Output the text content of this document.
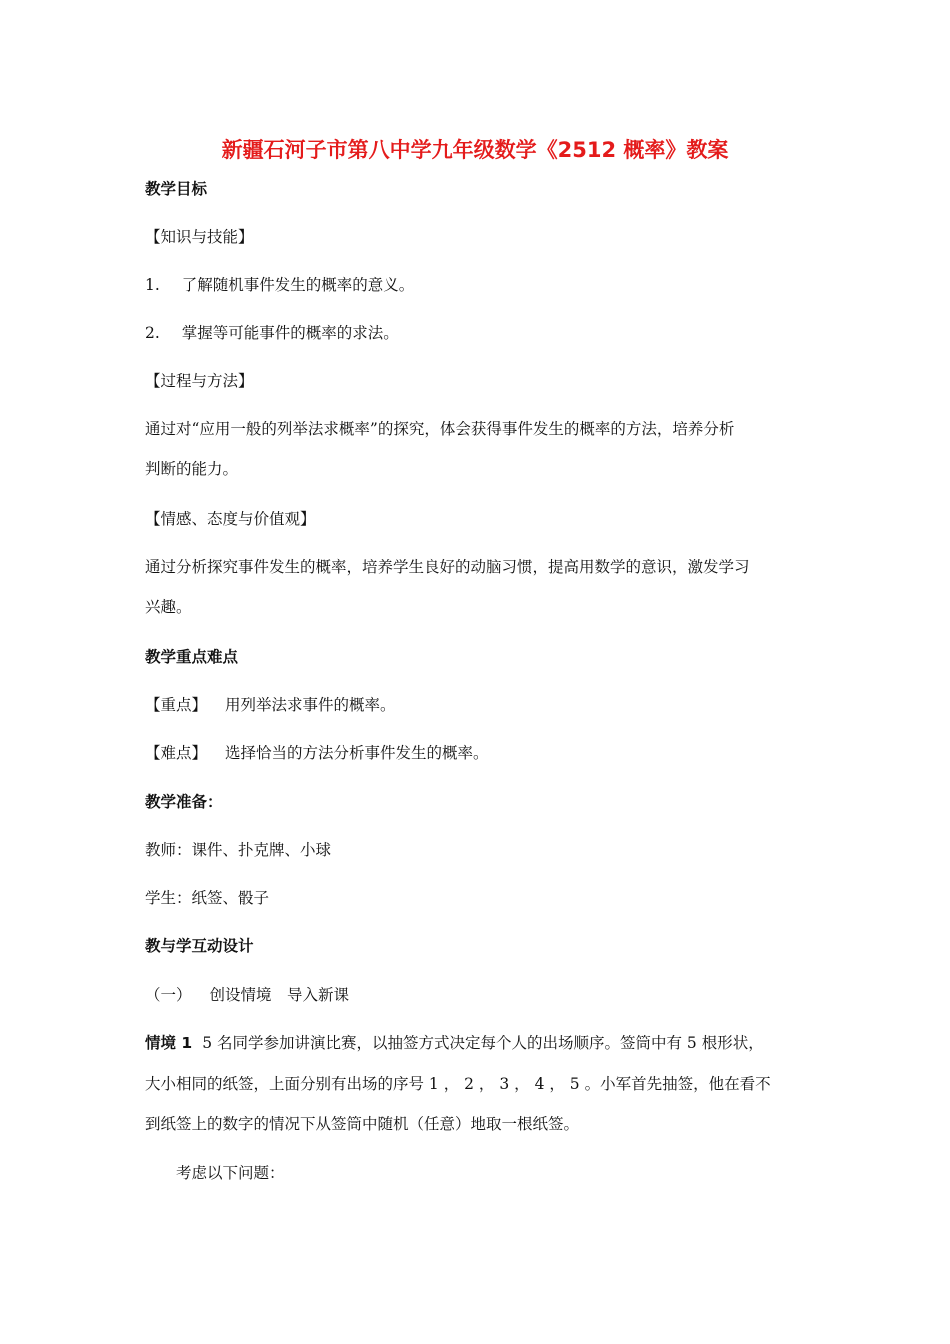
新疆石河子市第八中学九年级数学《2512 概率》教案
教学目标
【知识与技能】
1. 了解随机事件发生的概率的意义。
2. 掌握等可能事件的概率的求法。
【过程与方法】
通过对“应用一般的列举法求概率”的探究，体会获得事件发生的概率的方法，培养分析
判断的能力。
【情感、态度与价值观】
通过分析探究事件发生的概率，培养学生良好的动脑习惯，提高用数学的意识，激发学习
兴趣。
教学重点难点
【重点】 用列举法求事件的概率。
【难点】 选择恰当的方法分析事件发生的概率。
教学准备：
教师：课件、扑克牌、小球
学生：纸签、骰子
教与学互动设计
（一） 创设情境　导入新课
情境 1 5 名同学参加讲演比赛，以抽签方式决定每个人的出场顺序。签筒中有 5 根形状，
大小相同的纸签，上面分别有出场的序号 1 ， 2 ， 3 ， 4 ， 5 。小军首先抽签，他在看不
到纸签上的数字的情况下从签筒中随机（任意）地取一根纸签。
考虑以下问题：
